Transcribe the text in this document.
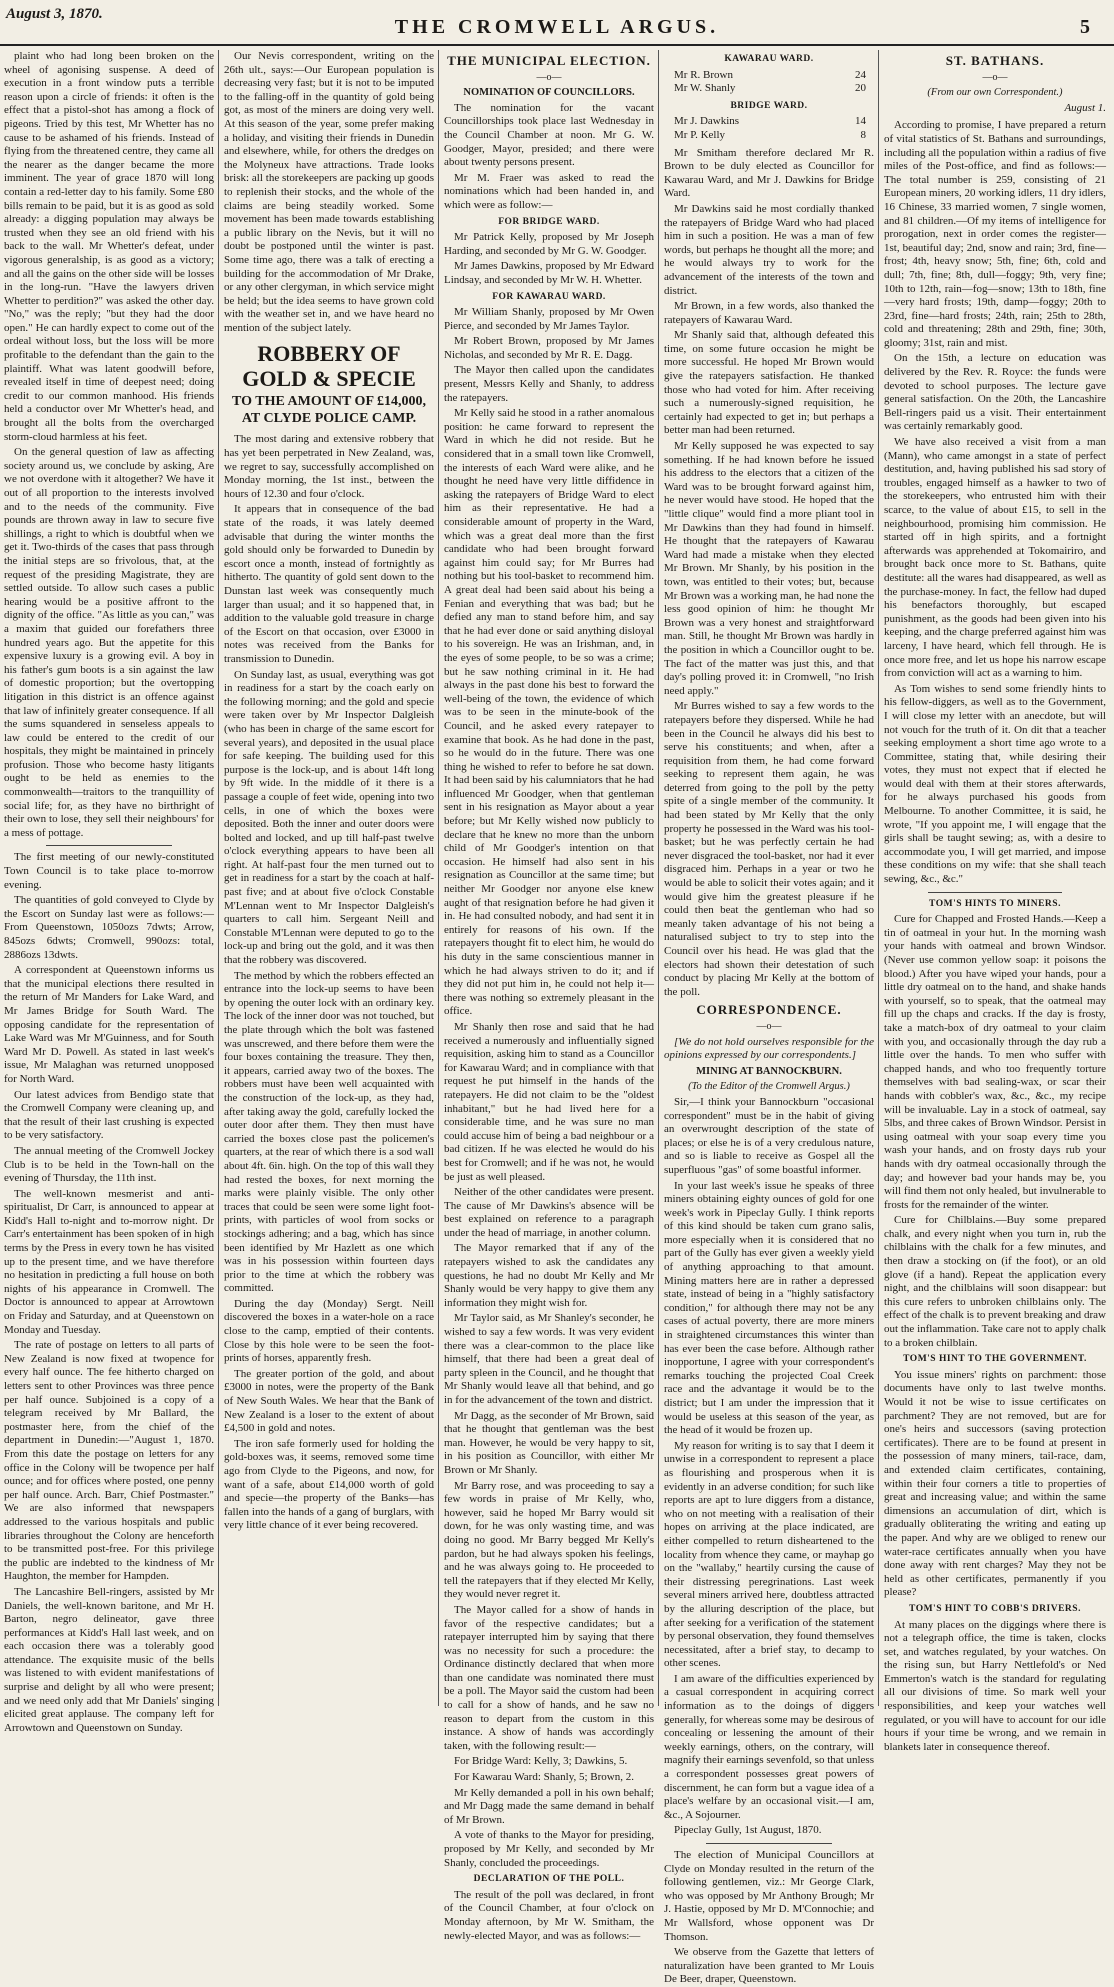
August 3, 1870.
THE CROMWELL ARGUS.	5

plaint who had long been broken on the wheel of agonising suspense. A deed of execution in a front window puts a terrible reason upon a circle of friends: it often is the effect that a pistol-shot has among a flock of pigeons. Tried by this test, Mr Whetter has no cause to be ashamed of his friends. Instead of flying from the threatened centre, they came all the nearer as the danger became the more imminent. The year of grace 1870 will long contain a red-letter day to his family. Some £80 bills remain to be paid, but it is as good as sold already: a digging population may always be trusted when they see an old friend with his back to the wall. Mr Whetter's defeat, under vigorous generalship, is as good as a victory; and all the gains on the other side will be losses in the long-run. "Have the lawyers driven Whetter to perdition?" was asked the other day. "No," was the reply; "but they had the door open." He can hardly expect to come out of the ordeal without loss, but the loss will be more profitable to the defendant than the gain to the plaintiff. What was latent goodwill before, revealed itself in time of deepest need; doing credit to our common manhood. His friends held a conductor over Mr Whetter's head, and brought all the bolts from the overcharged storm-cloud harmless at his feet.

On the general question of law as affecting society around us, we conclude by asking, Are we not overdone with it altogether? We have it out of all proportion to the interests involved and to the needs of the community. Five pounds are thrown away in law to secure five shillings, a right to which is doubtful when we get it. Two-thirds of the cases that pass through the initial steps are so frivolous, that, at the request of the presiding Magistrate, they are settled outside. To allow such cases a public hearing would be a positive affront to the dignity of the office. "As little as you can," was a maxim that guided our forefathers three hundred years ago. But the appetite for this expensive luxury is a growing evil. A boy in his father's gum boots is a sin against the law of domestic proportion; but the overtopping litigation in this district is an offence against that law of infinitely greater consequence. If all the sums squandered in senseless appeals to law could be entered to the credit of our hospitals, they might be maintained in princely profusion. Those who become hasty litigants ought to be held as enemies to the commonwealth—traitors to the tranquillity of social life; for, as they have no birthright of their own to lose, they sell their neighbours' for a mess of pottage.

The first meeting of our newly-constituted Town Council is to take place to-morrow evening.

The quantities of gold conveyed to Clyde by the Escort on Sunday last were as follows:— From Queenstown, 1050ozs 7dwts; Arrow, 845ozs 6dwts; Cromwell, 990ozs: total, 2886ozs 13dwts.

A correspondent at Queenstown informs us that the municipal elections there resulted in the return of Mr Manders for Lake Ward, and Mr James Bridge for South Ward. The opposing candidate for the representation of Lake Ward was Mr M'Guinness, and for South Ward Mr D. Powell. As stated in last week's issue, Mr Malaghan was returned unopposed for North Ward.

Our latest advices from Bendigo state that the Cromwell Company were cleaning up, and that the result of their last crushing is expected to be very satisfactory.

The annual meeting of the Cromwell Jockey Club is to be held in the Town-hall on the evening of Thursday, the 11th inst.

The well-known mesmerist and anti-spiritualist, Dr Carr, is announced to appear at Kidd's Hall to-night and to-morrow night. Dr Carr's entertainment has been spoken of in high terms by the Press in every town he has visited up to the present time, and we have therefore no hesitation in predicting a full house on both nights of his appearance in Cromwell. The Doctor is announced to appear at Arrowtown on Friday and Saturday, and at Queenstown on Monday and Tuesday.

The rate of postage on letters to all parts of New Zealand is now fixed at twopence for every half ounce. The fee hitherto charged on letters sent to other Provinces was three pence per half ounce. Subjoined is a copy of a telegram received by Mr Ballard, the postmaster here, from the chief of the department in Dunedin:—"August 1, 1870. From this date the postage on letters for any office in the Colony will be twopence per half ounce; and for offices where posted, one penny per half ounce. Arch. Barr, Chief Postmaster." We are also informed that newspapers addressed to the various hospitals and public libraries throughout the Colony are henceforth to be transmitted post-free. For this privilege the public are indebted to the kindness of Mr Haughton, the member for Hampden.

The Lancashire Bell-ringers, assisted by Mr Daniels, the well-known baritone, and Mr H. Barton, negro delineator, gave three performances at Kidd's Hall last week, and on each occasion there was a tolerably good attendance. The exquisite music of the bells was listened to with evident manifestations of surprise and delight by all who were present; and we need only add that Mr Daniels' singing elicited great applause. The company left for Arrowtown and Queenstown on Sunday.

Our Nevis correspondent, writing on the 26th ult., says:—Our European population is decreasing very fast; but it is not to be imputed to the falling-off in the quantity of gold being got, as most of the miners are doing very well. At this season of the year, some prefer making a holiday, and visiting their friends in Dunedin and elsewhere, while, for others the dredges on the Molyneux have attractions. Trade looks brisk: all the storekeepers are packing up goods to replenish their stocks, and the whole of the claims are being steadily worked. Some movement has been made towards establishing a public library on the Nevis, but it will no doubt be postponed until the winter is past. Some time ago, there was a talk of erecting a building for the accommodation of Mr Drake, or any other clergyman, in which service might be held; but the idea seems to have grown cold with the weather set in, and we have heard no mention of the subject lately.

ROBBERY OF GOLD & SPECIE
TO THE AMOUNT OF £14,000, AT CLYDE POLICE CAMP.

The most daring and extensive robbery that has yet been perpetrated in New Zealand, was, we regret to say, successfully accomplished on Monday morning, the 1st inst., between the hours of 12.30 and four o'clock.

It appears that in consequence of the bad state of the roads, it was lately deemed advisable that during the winter months the gold should only be forwarded to Dunedin by escort once a month, instead of fortnightly as hitherto. The quantity of gold sent down to the Dunstan last week was consequently much larger than usual; and it so happened that, in addition to the valuable gold treasure in charge of the Escort on that occasion, over £3000 in notes was received from the Banks for transmission to Dunedin.

On Sunday last, as usual, everything was got in readiness for a start by the coach early on the following morning; and the gold and specie were taken over by Mr Inspector Dalgleish (who has been in charge of the same escort for several years), and deposited in the usual place for safe keeping. The building used for this purpose is the lock-up, and is about 14ft long by 9ft wide. In the middle of it there is a passage a couple of feet wide, opening into two cells, in one of which the boxes were deposited. Both the inner and outer doors were bolted and locked, and up till half-past twelve o'clock everything appears to have been all right. At half-past four the men turned out to get in readiness for a start by the coach at half-past five; and at about five o'clock Constable M'Lennan went to Mr Inspector Dalgleish's quarters to call him. Sergeant Neill and Constable M'Lennan were deputed to go to the lock-up and bring out the gold, and it was then that the robbery was discovered.

The method by which the robbers effected an entrance into the lock-up seems to have been by opening the outer lock with an ordinary key. The lock of the inner door was not touched, but the plate through which the bolt was fastened was unscrewed, and there before them were the four boxes containing the treasure. They then, it appears, carried away two of the boxes. The robbers must have been well acquainted with the construction of the lock-up, as they had, after taking away the gold, carefully locked the outer door after them. They then must have carried the boxes close past the policemen's quarters, at the rear of which there is a sod wall about 4ft. 6in. high. On the top of this wall they had rested the boxes, for next morning the marks were plainly visible. The only other traces that could be seen were some light foot-prints, with particles of wool from socks or stockings adhering; and a bag, which has since been identified by Mr Hazlett as one which was in his possession within fourteen days prior to the time at which the robbery was committed.

During the day (Monday) Sergt. Neill discovered the boxes in a water-hole on a race close to the camp, emptied of their contents. Close by this hole were to be seen the foot-prints of horses, apparently fresh.

The greater portion of the gold, and about £3000 in notes, were the property of the Bank of New South Wales. We hear that the Bank of New Zealand is a loser to the extent of about £4,500 in gold and notes.

The iron safe formerly used for holding the gold-boxes was, it seems, removed some time ago from Clyde to the Pigeons, and now, for want of a safe, about £14,000 worth of gold and specie—the property of the Banks—has fallen into the hands of a gang of burglars, with very little chance of it ever being recovered.

THE MUNICIPAL ELECTION.
—o—
NOMINATION OF COUNCILLORS.

The nomination for the vacant Councillorships took place last Wednesday in the Council Chamber at noon. Mr G. W. Goodger, Mayor, presided; and there were about twenty persons present.

Mr M. Fraer was asked to read the nominations which had been handed in, and which were as follow:—

FOR BRIDGE WARD.

Mr Patrick Kelly, proposed by Mr Joseph Harding, and seconded by Mr G. W. Goodger.

Mr James Dawkins, proposed by Mr Edward Lindsay, and seconded by Mr W. H. Whetter.

FOR KAWARAU WARD.

Mr William Shanly, proposed by Mr Owen Pierce, and seconded by Mr James Taylor.

Mr Robert Brown, proposed by Mr James Nicholas, and seconded by Mr R. E. Dagg.

The Mayor then called upon the candidates present, Messrs Kelly and Shanly, to address the ratepayers.

Mr Kelly said he stood in a rather anomalous position: he came forward to represent the Ward in which he did not reside. But he considered that in a small town like Cromwell, the interests of each Ward were alike, and he thought he need have very little diffidence in asking the ratepayers of Bridge Ward to elect him as their representative. He had a considerable amount of property in the Ward, which was a great deal more than the first candidate who had been brought forward against him could say; for Mr Burres had nothing but his tool-basket to recommend him. A great deal had been said about his being a Fenian and everything that was bad; but he defied any man to stand before him, and say that he had ever done or said anything disloyal to his sovereign. He was an Irishman, and, in the eyes of some people, to be so was a crime; but he saw nothing criminal in it. He had always in the past done his best to forward the well-being of the town, the evidence of which was to be seen in the minute-book of the Council, and he asked every ratepayer to examine that book. As he had done in the past, so he would do in the future. There was one thing he wished to refer to before he sat down. It had been said by his calumniators that he had influenced Mr Goodger, when that gentleman sent in his resignation as Mayor about a year before; but Mr Kelly wished now publicly to declare that he knew no more than the unborn child of Mr Goodger's intention on that occasion. He himself had also sent in his resignation as Councillor at the same time; but neither Mr Goodger nor anyone else knew aught of that resignation before he had given it in. He had consulted nobody, and had sent it in entirely for reasons of his own. If the ratepayers thought fit to elect him, he would do his duty in the same conscientious manner in which he had always striven to do it; and if they did not put him in, he could not help it—there was nothing so extremely pleasant in the office.

Mr Shanly then rose and said that he had received a numerously and influentially signed requisition, asking him to stand as a Councillor for Kawarau Ward; and in compliance with that request he put himself in the hands of the ratepayers. He did not claim to be the "oldest inhabitant," but he had lived here for a considerable time, and he was sure no man could accuse him of being a bad neighbour or a bad citizen. If he was elected he would do his best for Cromwell; and if he was not, he would be just as well pleased.

Neither of the other candidates were present. The cause of Mr Dawkins's absence will be best explained on reference to a paragraph under the head of marriage, in another column.

The Mayor remarked that if any of the ratepayers wished to ask the candidates any questions, he had no doubt Mr Kelly and Mr Shanly would be very happy to give them any information they might wish for.

Mr Taylor said, as Mr Shanley's seconder, he wished to say a few words. It was very evident there was a clear-common to the place like himself, that there had been a great deal of party spleen in the Council, and he thought that Mr Shanly would leave all that behind, and go in for the advancement of the town and district.

Mr Dagg, as the seconder of Mr Brown, said that he thought that gentleman was the best man. However, he would be very happy to sit, in his position as Councillor, with either Mr Brown or Mr Shanly.

Mr Barry rose, and was proceeding to say a few words in praise of Mr Kelly, who, however, said he hoped Mr Barry would sit down, for he was only wasting time, and was doing no good. Mr Barry begged Mr Kelly's pardon, but he had always spoken his feelings, and he was always going to. He proceeded to tell the ratepayers that if they elected Mr Kelly, they would never regret it.

The Mayor called for a show of hands in favor of the respective candidates; but a ratepayer interrupted him by saying that there was no necessity for such a procedure: the Ordinance distinctly declared that when more than one candidate was nominated there must be a poll. The Mayor said the custom had been to call for a show of hands, and he saw no reason to depart from the custom in this instance. A show of hands was accordingly taken, with the following result:—

For Bridge Ward: Kelly, 3; Dawkins, 5.

For Kawarau Ward: Shanly, 5; Brown, 2.

Mr Kelly demanded a poll in his own behalf; and Mr Dagg made the same demand in behalf of Mr Brown.

A vote of thanks to the Mayor for presiding, proposed by Mr Kelly, and seconded by Mr Shanly, concluded the proceedings.

DECLARATION OF THE POLL.

The result of the poll was declared, in front of the Council Chamber, at four o'clock on Monday afternoon, by Mr W. Smitham, the newly-elected Mayor, and was as follows:—

KAWARAU WARD.
Mr R. Brown	24
Mr W. Shanly	20
BRIDGE WARD.
Mr J. Dawkins	14
Mr P. Kelly	8

Mr Smitham therefore declared Mr R. Brown to be duly elected as Councillor for Kawarau Ward, and Mr J. Dawkins for Bridge Ward.

Mr Dawkins said he most cordially thanked the ratepayers of Bridge Ward who had placed him in such a position. He was a man of few words, but perhaps he thought all the more; and he would always try to work for the advancement of the interests of the town and district.

Mr Brown, in a few words, also thanked the ratepayers of Kawarau Ward.

Mr Shanly said that, although defeated this time, on some future occasion he might be more successful. He hoped Mr Brown would give the ratepayers satisfaction. He thanked those who had voted for him. After receiving such a numerously-signed requisition, he certainly had expected to get in; but perhaps a better man had been returned.

Mr Kelly supposed he was expected to say something. If he had known before he issued his address to the electors that a citizen of the Ward was to be brought forward against him, he never would have stood. He hoped that the "little clique" would find a more pliant tool in Mr Dawkins than they had found in himself. He thought that the ratepayers of Kawarau Ward had made a mistake when they elected Mr Brown. Mr Shanly, by his position in the town, was entitled to their votes; but, because Mr Brown was a working man, he had none the less good opinion of him: he thought Mr Brown was a very honest and straightforward man. Still, he thought Mr Brown was hardly in the position in which a Councillor ought to be. The fact of the matter was just this, and that day's polling proved it: in Cromwell, "no Irish need apply."

Mr Burres wished to say a few words to the ratepayers before they dispersed. While he had been in the Council he always did his best to serve his constituents; and when, after a requisition from them, he had come forward seeking to represent them again, he was deterred from going to the poll by the petty spite of a single member of the community. It had been stated by Mr Kelly that the only property he possessed in the Ward was his tool-basket; but he was perfectly certain he had never disgraced the tool-basket, nor had it ever disgraced him. Perhaps in a year or two he would be able to solicit their votes again; and it would give him the greatest pleasure if he could then beat the gentleman who had so meanly taken advantage of his not being a naturalised subject to try to step into the Council over his head. He was glad that the electors had shown their detestation of such conduct by placing Mr Kelly at the bottom of the poll.

CORRESPONDENCE.
—o—

[We do not hold ourselves responsible for the opinions expressed by our correspondents.]

MINING AT BANNOCKBURN.
(To the Editor of the Cromwell Argus.)

Sir,—I think your Bannockburn "occasional correspondent" must be in the habit of giving an overwrought description of the state of places; or else he is of a very credulous nature, and so is liable to receive as Gospel all the superfluous "gas" of some boastful informer.

In your last week's issue he speaks of three miners obtaining eighty ounces of gold for one week's work in Pipeclay Gully. I think reports of this kind should be taken cum grano salis, more especially when it is considered that no part of the Gully has ever given a weekly yield of anything approaching to that amount. Mining matters here are in rather a depressed state, instead of being in a "highly satisfactory condition," for although there may not be any cases of actual poverty, there are more miners in straightened circumstances this winter than has ever been the case before. Although rather inopportune, I agree with your correspondent's remarks touching the projected Coal Creek race and the advantage it would be to the district; but I am under the impression that it would be useless at this season of the year, as the head of it would be frozen up.

My reason for writing is to say that I deem it unwise in a correspondent to represent a place as flourishing and prosperous when it is evidently in an adverse condition; for such like reports are apt to lure diggers from a distance, who on not meeting with a realisation of their hopes on arriving at the place indicated, are either compelled to return disheartened to the locality from whence they came, or mayhap go on the "wallaby," heartily cursing the cause of their distressing peregrinations. Last week several miners arrived here, doubtless attracted by the alluring description of the place, but after seeking for a verification of the statement by personal observation, they found themselves necessitated, after a brief stay, to decamp to other scenes.

I am aware of the difficulties experienced by a casual correspondent in acquiring correct information as to the doings of diggers generally, for whereas some may be desirous of concealing or lessening the amount of their weekly earnings, others, on the contrary, will magnify their earnings sevenfold, so that unless a correspondent possesses great powers of discernment, he can form but a vague idea of a place's welfare by an occasional visit.—I am, &c., A Sojourner.

Pipeclay Gully, 1st August, 1870.

The election of Municipal Councillors at Clyde on Monday resulted in the return of the following gentlemen, viz.: Mr George Clark, who was opposed by Mr Anthony Brough; Mr J. Hastie, opposed by Mr D. M'Connochie; and Mr Wallsford, whose opponent was Dr Thomson.

We observe from the Gazette that letters of naturalization have been granted to Mr Louis De Beer, draper, Queenstown.

ST. BATHANS.
—o—
(From our own Correspondent.)
August 1.

According to promise, I have prepared a return of vital statistics of St. Bathans and surroundings, including all the population within a radius of five miles of the Post-office, and find as follows:—The total number is 259, consisting of 21 European miners, 20 working idlers, 11 dry idlers, 16 Chinese, 33 married women, 7 single women, and 81 children.—Of my items of intelligence for prorogation, next in order comes the register—1st, beautiful day; 2nd, snow and rain; 3rd, fine—frost; 4th, heavy snow; 5th, fine; 6th, cold and dull; 7th, fine; 8th, dull—foggy; 9th, very fine; 10th to 12th, rain—fog—snow; 13th to 18th, fine—very hard frosts; 19th, damp—foggy; 20th to 23rd, fine—hard frosts; 24th, rain; 25th to 28th, cold and threatening; 28th and 29th, fine; 30th, gloomy; 31st, rain and mist.

On the 15th, a lecture on education was delivered by the Rev. R. Royce: the funds were devoted to school purposes. The lecture gave general satisfaction. On the 20th, the Lancashire Bell-ringers paid us a visit. Their entertainment was certainly remarkably good.

We have also received a visit from a man (Mann), who came amongst in a state of perfect destitution, and, having published his sad story of troubles, engaged himself as a hawker to two of the storekeepers, who entrusted him with their scarce, to the value of about £15, to sell in the neighbourhood, promising him commission. He started off in high spirits, and a fortnight afterwards was apprehended at Tokomairiro, and brought back once more to St. Bathans, quite destitute: all the wares had disappeared, as well as the purchase-money. In fact, the fellow had duped his benefactors thoroughly, but escaped punishment, as the goods had been given into his keeping, and the charge preferred against him was larceny, I have heard, which fell through. He is once more free, and let us hope his narrow escape from conviction will act as a warning to him.

As Tom wishes to send some friendly hints to his fellow-diggers, as well as to the Government, I will close my letter with an anecdote, but will not vouch for the truth of it. On dit that a teacher seeking employment a short time ago wrote to a Committee, stating that, while desiring their votes, they must not expect that if elected he would deal with them at their stores afterwards, for he always purchased his goods from Melbourne. To another Committee, it is said, he wrote, "If you appoint me, I will engage that the girls shall be taught sewing; as, with a desire to accommodate you, I will get married, and impose these conditions on my wife: that she shall teach sewing, &c., &c."

TOM'S HINTS TO MINERS.

Cure for Chapped and Frosted Hands.—Keep a tin of oatmeal in your hut. In the morning wash your hands with oatmeal and brown Windsor. (Never use common yellow soap: it poisons the blood.) After you have wiped your hands, pour a little dry oatmeal on to the hand, and shake hands with yourself, so to speak, that the oatmeal may fill up the chaps and cracks. If the day is frosty, take a match-box of dry oatmeal to your claim with you, and occasionally through the day rub a little over the hands. To men who suffer with chapped hands, and who too frequently torture themselves with bad sealing-wax, or scar their hands with cobbler's wax, &c., &c., my recipe will be invaluable. Lay in a stock of oatmeal, say 5lbs, and three cakes of Brown Windsor. Persist in using oatmeal with your soap every time you wash your hands, and on frosty days rub your hands with dry oatmeal occasionally through the day; and however bad your hands may be, you will find them not only healed, but invulnerable to frosts for the remainder of the winter.

Cure for Chilblains.—Buy some prepared chalk, and every night when you turn in, rub the chilblains with the chalk for a few minutes, and then draw a stocking on (if the foot), or an old glove (if a hand). Repeat the application every night, and the chilblains will soon disappear: but this cure refers to unbroken chilblains only. The effect of the chalk is to prevent breaking and draw out the inflammation. Take care not to apply chalk to a broken chilblain.

TOM'S HINT TO THE GOVERNMENT.

You issue miners' rights on parchment: those documents have only to last twelve months. Would it not be wise to issue certificates on parchment? They are not removed, but are for one's heirs and successors (saving protection certificates). There are to be found at present in the possession of many miners, tail-race, dam, and extended claim certificates, containing, within their four corners a title to properties of great and increasing value; and within the same dimensions an accumulation of dirt, which is gradually obliterating the writing and eating up the paper. And why are we obliged to renew our water-race certificates annually when you have done away with rent charges? May they not be held as other certificates, permanently if you please?

TOM'S HINT TO COBB'S DRIVERS.

At many places on the diggings where there is not a telegraph office, the time is taken, clocks set, and watches regulated, by your watches. On the rising sun, but Harry Nettlefold's or Ned Emmerton's watch is the standard for regulating all our divisions of time. So mark well your responsibilities, and keep your watches well regulated, or you will have to account for our idle hours if your time be wrong, and we remain in blankets later in consequence thereof.
